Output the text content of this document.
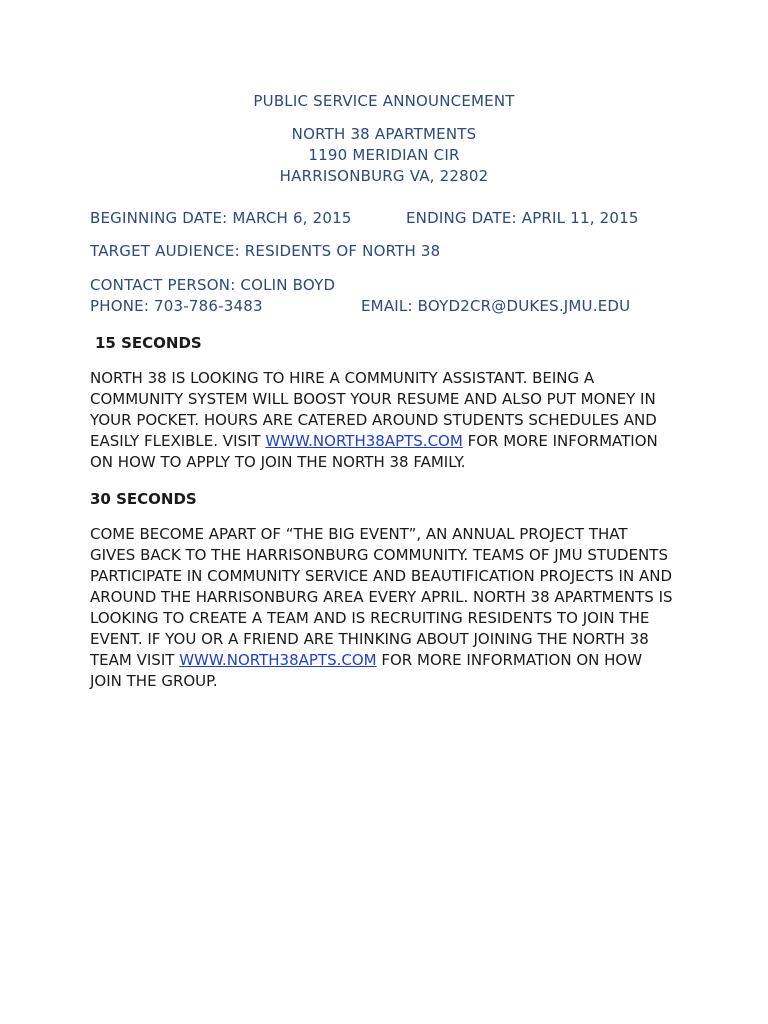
PUBLIC SERVICE ANNOUNCEMENT
NORTH 38 APARTMENTS
1190 MERIDIAN CIR
HARRISONBURG VA, 22802
BEGINNING DATE: MARCH 6, 2015	ENDING DATE: APRIL 11, 2015
TARGET AUDIENCE: RESIDENTS OF NORTH 38
CONTACT PERSON: COLIN BOYD
PHONE: 703-786-3483	EMAIL: BOYD2CR@DUKES.JMU.EDU
15 SECONDS
NORTH 38 IS LOOKING TO HIRE A COMMUNITY ASSISTANT. BEING A
COMMUNITY SYSTEM WILL BOOST YOUR RESUME AND ALSO PUT MONEY IN
YOUR POCKET. HOURS ARE CATERED AROUND STUDENTS SCHEDULES AND
EASILY FLEXIBLE. VISIT WWW.NORTH38APTS.COM FOR MORE INFORMATION
ON HOW TO APPLY TO JOIN THE NORTH 38 FAMILY.
30 SECONDS
COME BECOME APART OF “THE BIG EVENT”, AN ANNUAL PROJECT THAT
GIVES BACK TO THE HARRISONBURG COMMUNITY. TEAMS OF JMU STUDENTS
PARTICIPATE IN COMMUNITY SERVICE AND BEAUTIFICATION PROJECTS IN AND
AROUND THE HARRISONBURG AREA EVERY APRIL. NORTH 38 APARTMENTS IS
LOOKING TO CREATE A TEAM AND IS RECRUITING RESIDENTS TO JOIN THE
EVENT. IF YOU OR A FRIEND ARE THINKING ABOUT JOINING THE NORTH 38
TEAM VISIT WWW.NORTH38APTS.COM FOR MORE INFORMATION ON HOW
JOIN THE GROUP.
